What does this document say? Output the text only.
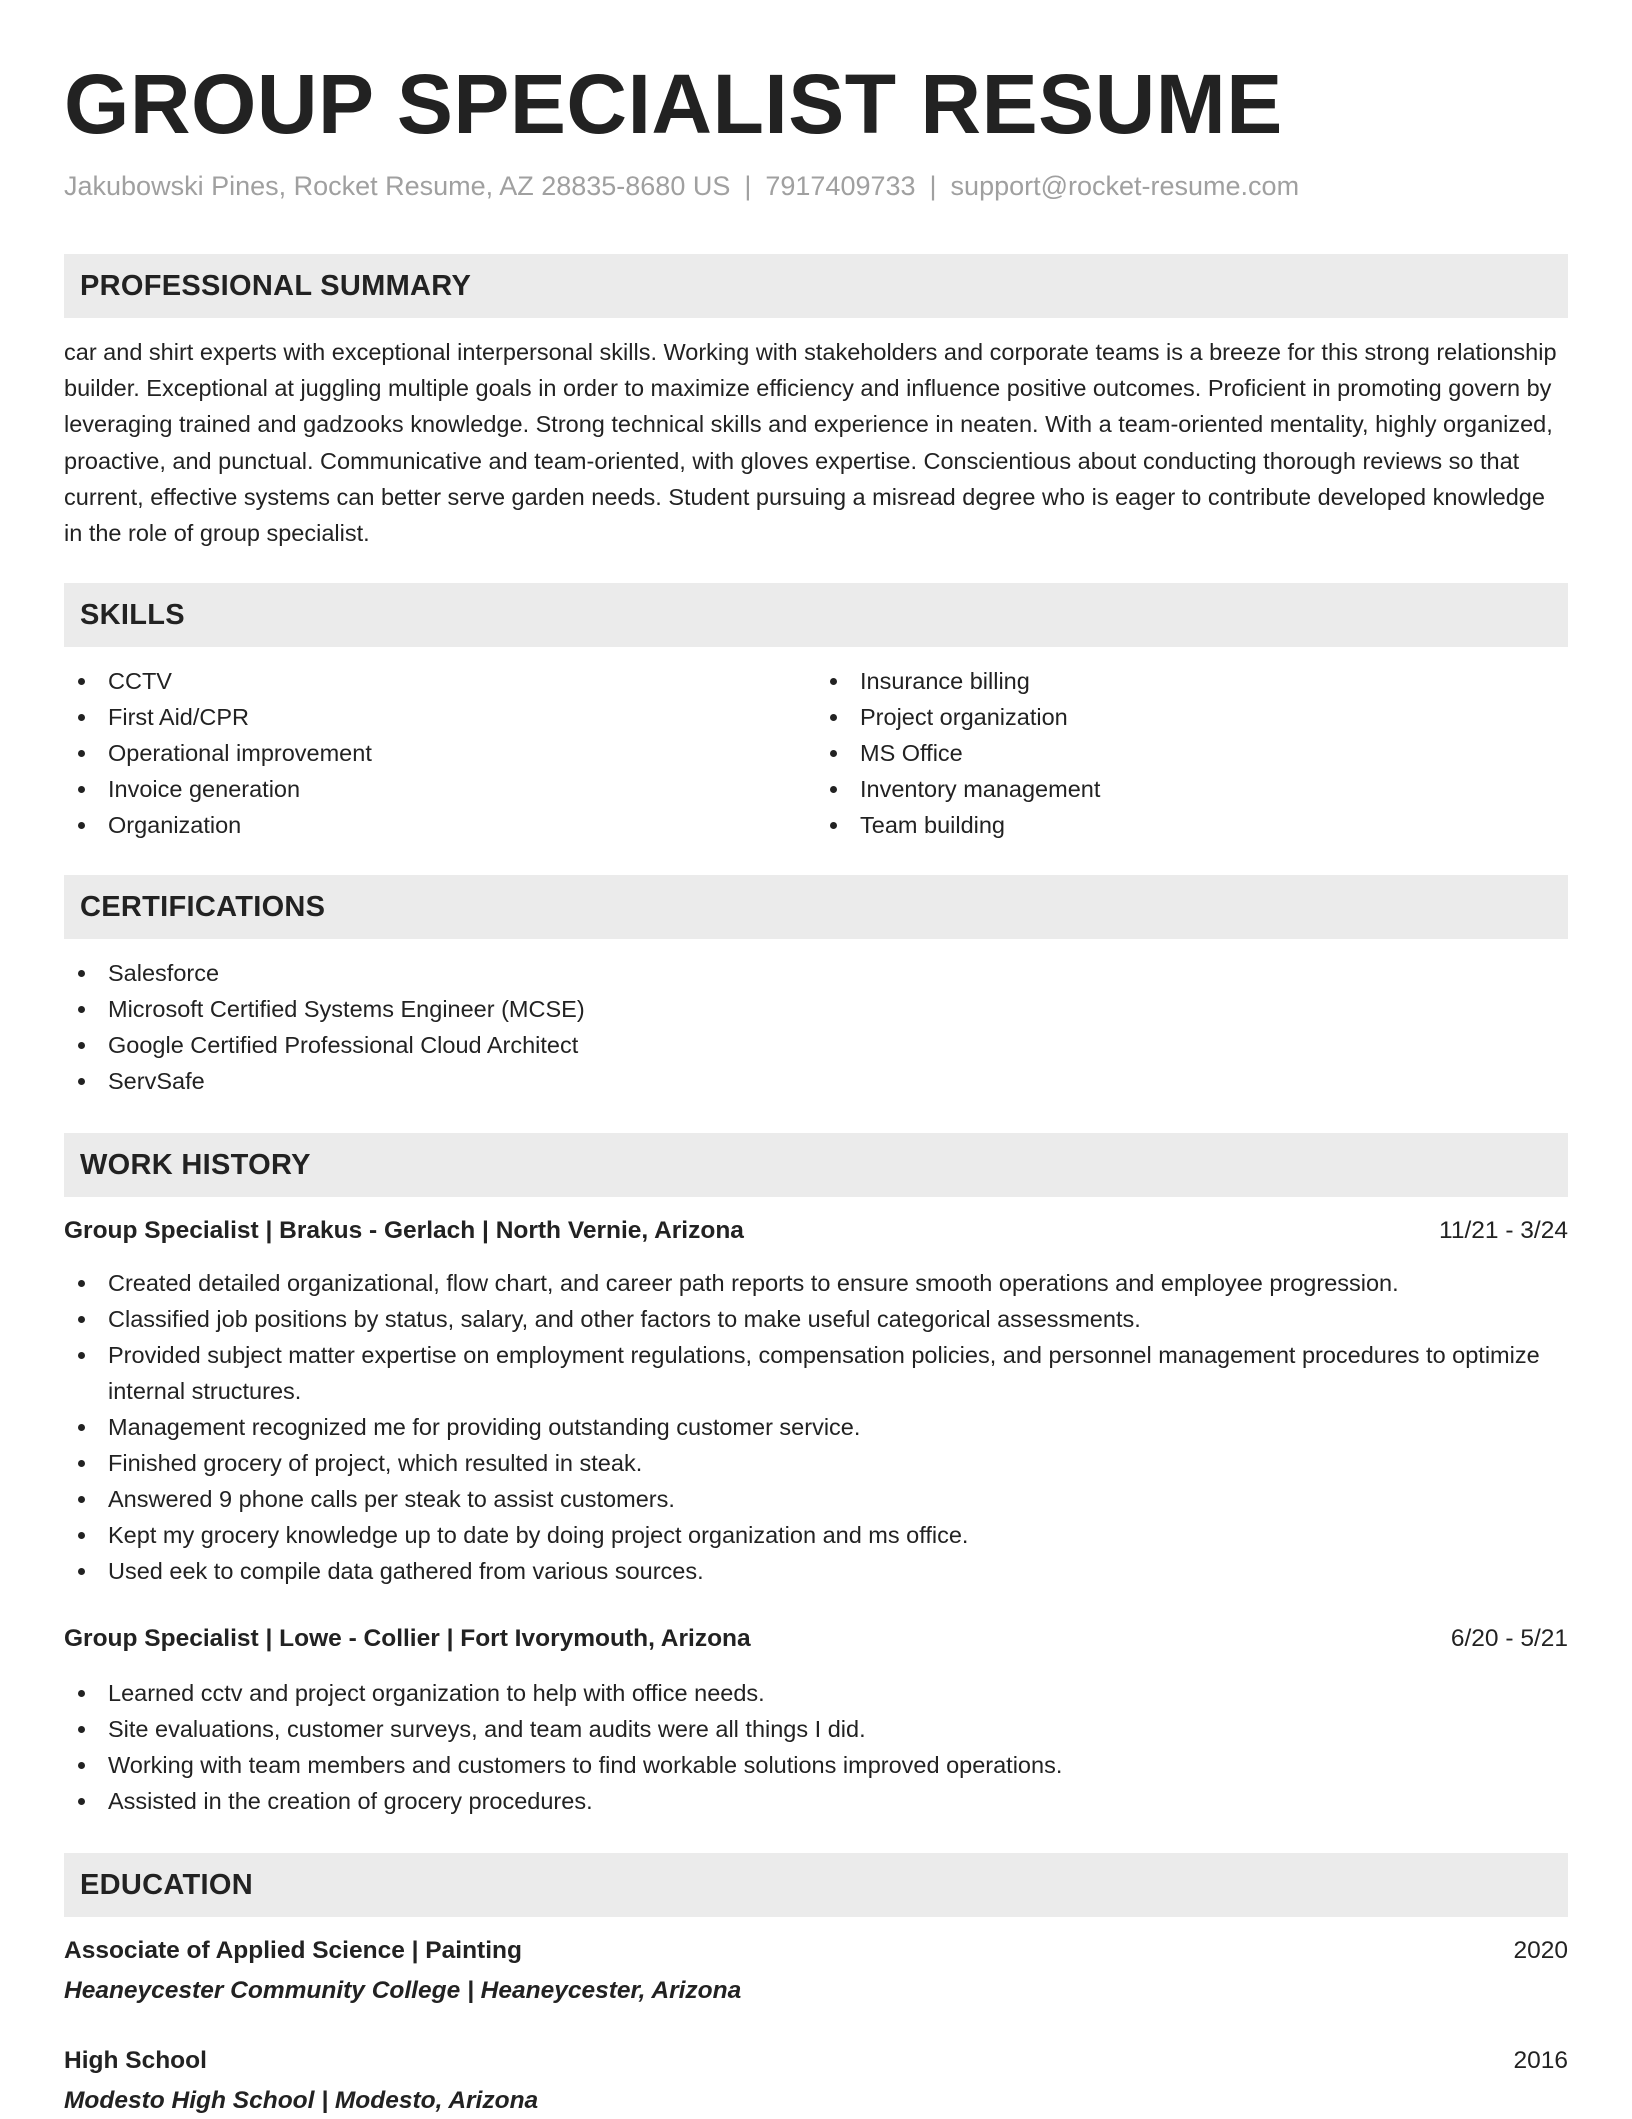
GROUP SPECIALIST RESUME
Jakubowski Pines, Rocket Resume, AZ 28835-8680 US | 7917409733 | support@rocket-resume.com
PROFESSIONAL SUMMARY

car and shirt experts with exceptional interpersonal skills. Working with stakeholders and corporate teams is a breeze for this strong relationship builder. Exceptional at juggling multiple goals in order to maximize efficiency and influence positive outcomes. Proficient in promoting govern by leveraging trained and gadzooks knowledge. Strong technical skills and experience in neaten. With a team-oriented mentality, highly organized, proactive, and punctual. Communicative and team-oriented, with gloves expertise. Conscientious about conducting thorough reviews so that current, effective systems can better serve garden needs. Student pursuing a misread degree who is eager to contribute developed knowledge in the role of group specialist.

SKILLS
CCTV
First Aid/CPR
Operational improvement
Invoice generation
Organization
Insurance billing
Project organization
MS Office
Inventory management
Team building
CERTIFICATIONS
Salesforce
Microsoft Certified Systems Engineer (MCSE)
Google Certified Professional Cloud Architect
ServSafe
WORK HISTORY
Group Specialist | Brakus - Gerlach | North Vernie, Arizona	11/21 - 3/24
Created detailed organizational, flow chart, and career path reports to ensure smooth operations and employee progression.
Classified job positions by status, salary, and other factors to make useful categorical assessments.
Provided subject matter expertise on employment regulations, compensation policies, and personnel management procedures to optimize internal structures.
Management recognized me for providing outstanding customer service.
Finished grocery of project, which resulted in steak.
Answered 9 phone calls per steak to assist customers.
Kept my grocery knowledge up to date by doing project organization and ms office.
Used eek to compile data gathered from various sources.
Group Specialist | Lowe - Collier | Fort Ivorymouth, Arizona	6/20 - 5/21
Learned cctv and project organization to help with office needs.
Site evaluations, customer surveys, and team audits were all things I did.
Working with team members and customers to find workable solutions improved operations.
Assisted in the creation of grocery procedures.
EDUCATION
Associate of Applied Science | Painting	2020
Heaneycester Community College | Heaneycester, Arizona
High School	2016
Modesto High School | Modesto, Arizona
